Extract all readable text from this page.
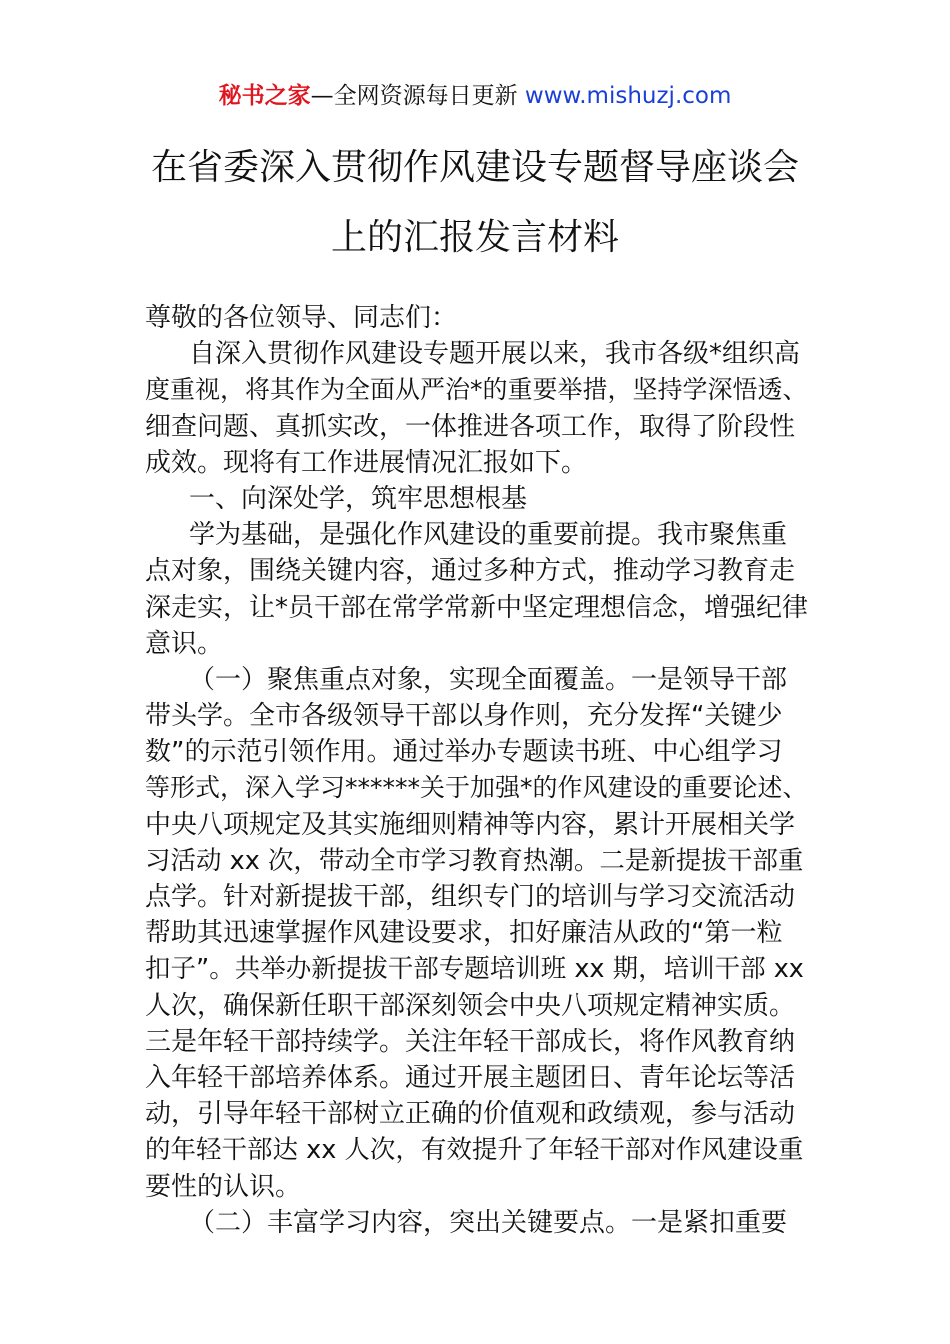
秘书之家—全网资源每日更新 www.mishuzj.com
在省委深入贯彻作风建设专题督导座谈会
上的汇报发言材料
尊敬的各位领导、同志们：
自深入贯彻作风建设专题开展以来，我市各级*组织高
度重视，将其作为全面从严治*的重要举措，坚持学深悟透、
细查问题、真抓实改，一体推进各项工作，取得了阶段性
成效。现将有工作进展情况汇报如下。
一、向深处学，筑牢思想根基
学为基础，是强化作风建设的重要前提。我市聚焦重
点对象，围绕关键内容，通过多种方式，推动学习教育走
深走实，让*员干部在常学常新中坚定理想信念，增强纪律
意识。
（一）聚焦重点对象，实现全面覆盖。一是领导干部
带头学。全市各级领导干部以身作则，充分发挥“关键少
数”的示范引领作用。通过举办专题读书班、中心组学习
等形式，深入学习******关于加强*的作风建设的重要论述、
中央八项规定及其实施细则精神等内容，累计开展相关学
习活动 xx 次，带动全市学习教育热潮。二是新提拔干部重
点学。针对新提拔干部，组织专门的培训与学习交流活动
帮助其迅速掌握作风建设要求，扣好廉洁从政的“第一粒
扣子”。共举办新提拔干部专题培训班 xx 期，培训干部 xx
人次，确保新任职干部深刻领会中央八项规定精神实质。
三是年轻干部持续学。关注年轻干部成长，将作风教育纳
入年轻干部培养体系。通过开展主题团日、青年论坛等活
动，引导年轻干部树立正确的价值观和政绩观，参与活动
的年轻干部达 xx 人次，有效提升了年轻干部对作风建设重
要性的认识。
（二）丰富学习内容，突出关键要点。一是紧扣重要
